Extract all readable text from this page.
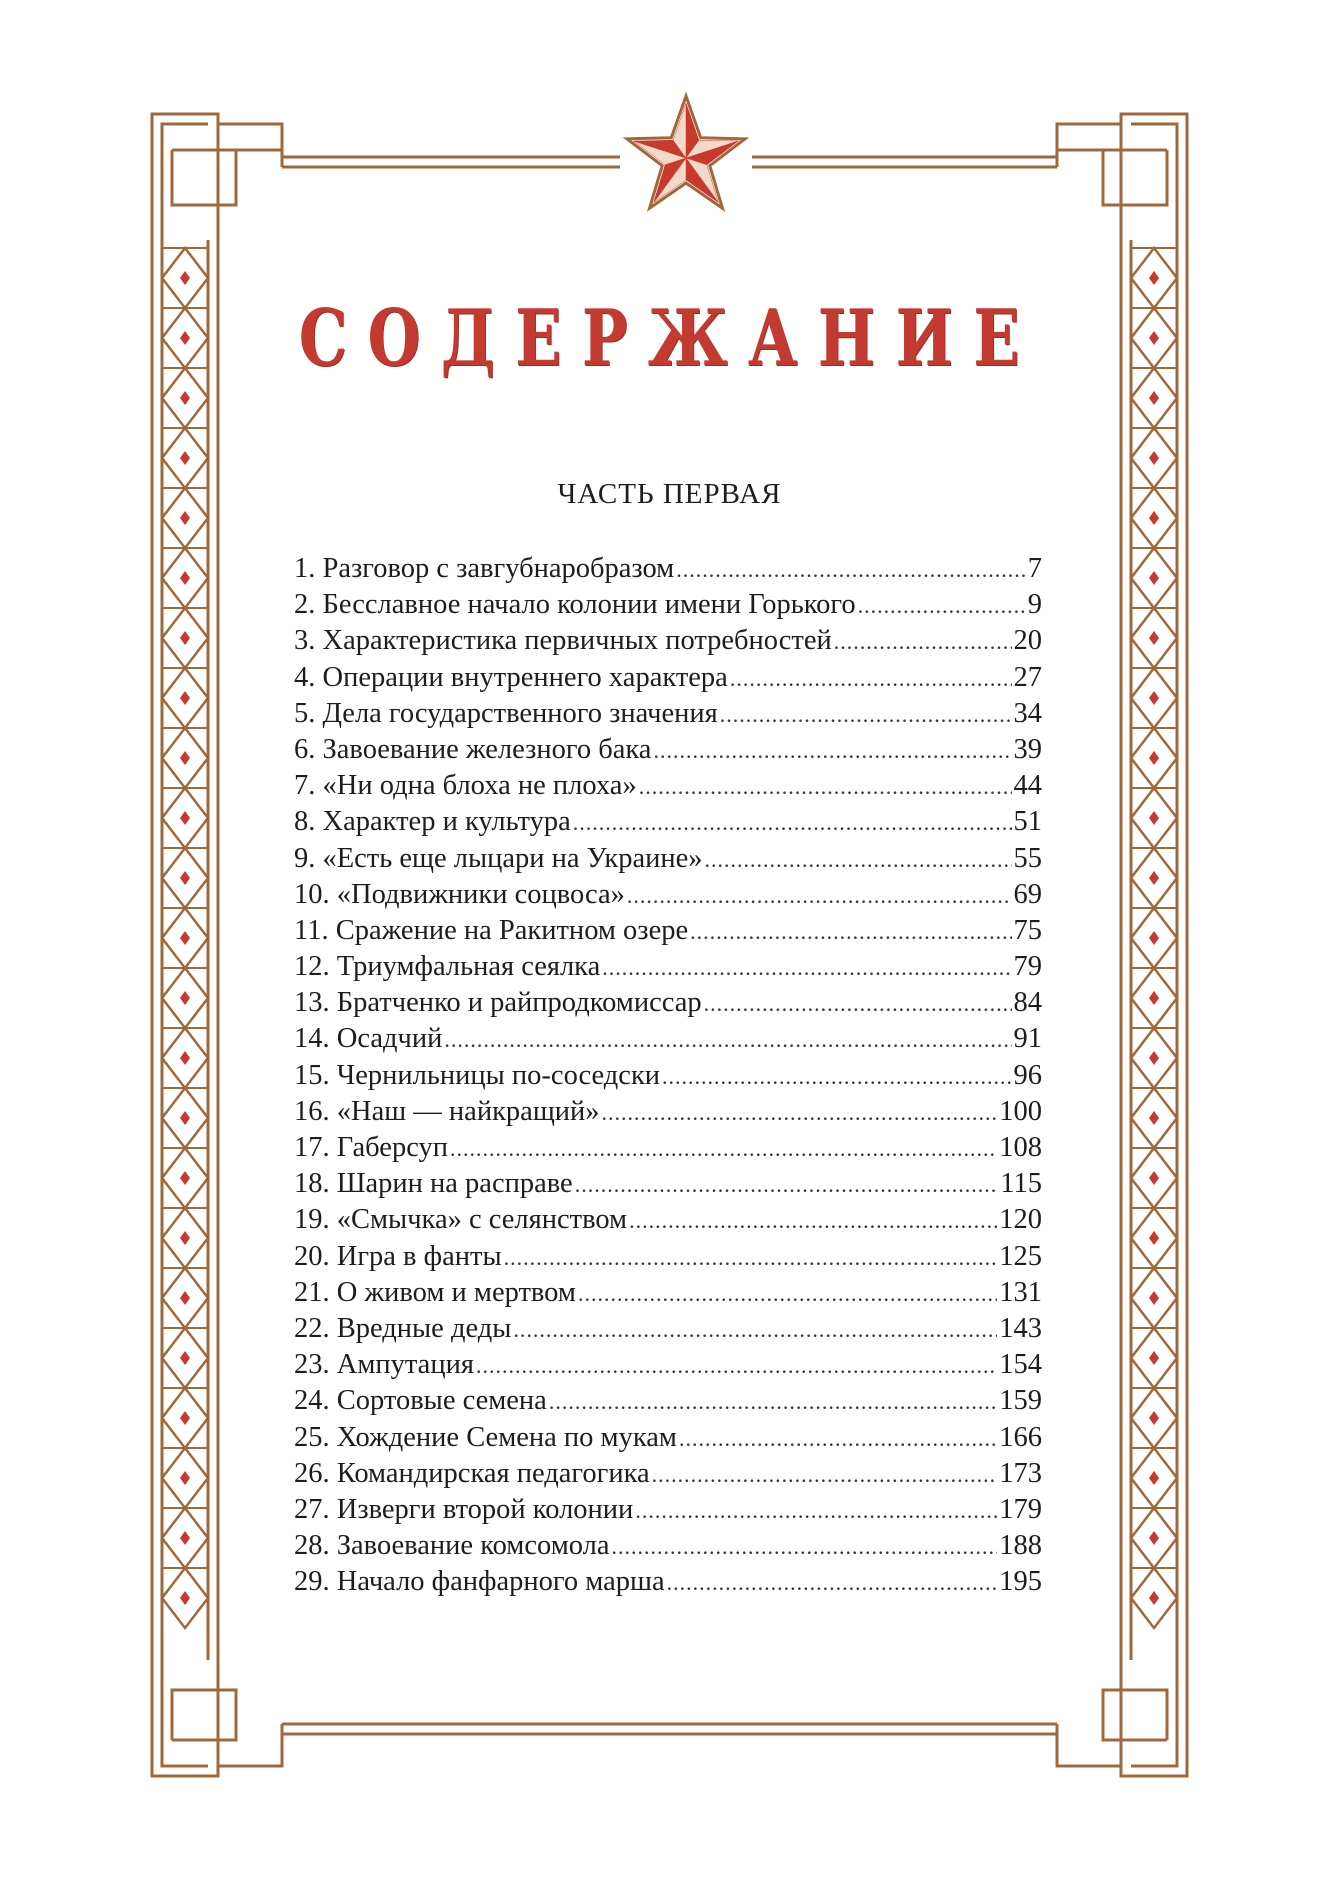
СОДЕРЖАНИЕ
ЧАСТЬ ПЕРВАЯ
1. Разговор с завгубнаробразом .....	7
2. Бесславное начало колонии имени Горького .....	9
3. Характеристика первичных потребностей .....	20
4. Операции внутреннего характера .....	27
5. Дела государственного значения .....	34
6. Завоевание железного бака .....	39
7. «Ни одна блоха не плоха» .....	44
8. Характер и культура .....	51
9. «Есть еще лыцари на Украине» .....	55
10. «Подвижники соцвоса» .....	69
11. Сражение на Ракитном озере .....	75
12. Триумфальная сеялка .....	79
13. Братченко и райпродкомиссар .....	84
14. Осадчий .....	91
15. Чернильницы по-соседски .....	96
16. «Наш — найкращий» .....	100
17. Габерсуп .....	108
18. Шарин на расправе .....	115
19. «Смычка» с селянством .....	120
20. Игра в фанты .....	125
21. О живом и мертвом .....	131
22. Вредные деды .....	143
23. Ампутация .....	154
24. Сортовые семена .....	159
25. Хождение Семена по мукам .....	166
26. Командирская педагогика .....	173
27. Изверги второй колонии .....	179
28. Завоевание комсомола .....	188
29. Начало фанфарного марша .....	195
